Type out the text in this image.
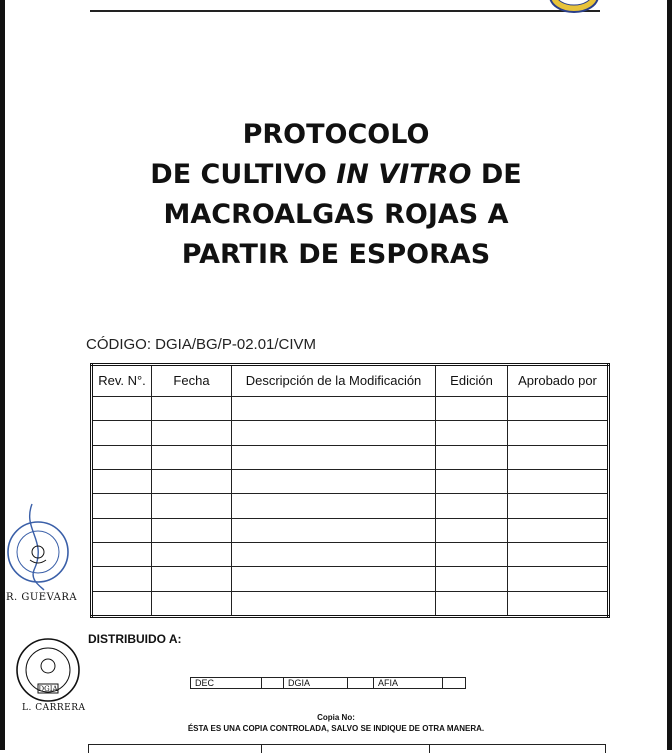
PROTOCOLO
DE CULTIVO IN VITRO DE
MACROALGAS ROJAS A
PARTIR DE ESPORAS
CÓDIGO: DGIA/BG/P-02.01/CIVM
Rev. N°.	Fecha	Descripción de la Modificación	Edición	Aprobado por

R. GUEVARA
DGIA
L. CARRERA
DISTRIBUIDO A:
DEC		DGIA		AFIA	
Copia No:
ÉSTA ES UNA COPIA CONTROLADA, SALVO SE INDIQUE DE OTRA MANERA.
